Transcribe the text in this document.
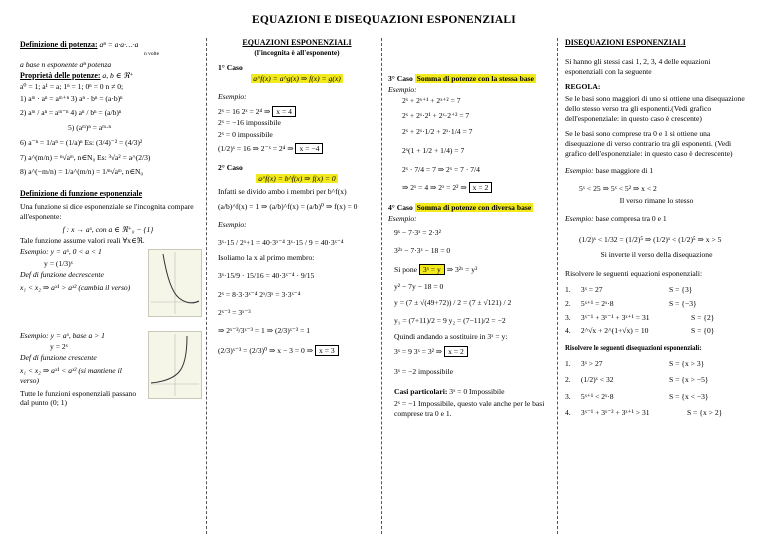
EQUAZIONI E DISEQUAZIONI ESPONENZIALI
Definizione di potenza: aⁿ = a·a·…·a
n volte
a base n esponente aⁿ potenza
Proprietà delle potenze: a, b ∈ ℜ⁺
a⁰ = 1; a¹ = a; 1ⁿ = 1; 0ⁿ = 0 n ≠ 0;
1) aᵐ · aⁿ = aᵐ⁺ⁿ 3) aⁿ · bⁿ = (a·b)ⁿ
2) aᵐ / aⁿ = aᵐ⁻ⁿ 4) aⁿ / bⁿ = (a/b)ⁿ
5) (aᵐ)ⁿ = aᵐ·ⁿ
6) a⁻ⁿ = 1/aⁿ = (1/a)ⁿ Es: (3/4)⁻² = (4/3)²
7) a^(m/n) = ⁿ√aᵐ, n∈N₀ Es: ³√a² = a^(2/3)
8) a^(−m/n) = 1/a^(m/n) = 1/ⁿ√aᵐ, n∈N₀
Definizione di funzione esponenziale
Una funzione si dice esponenziale se l'incognita compare all'esponente:
f : x → aˣ, con a ∈ ℜ⁺₀ − {1}
Tale funzione assume valori reali ∀x∈ℜ.
Esempio: y = aˣ, 0 < a < 1
y = (1/3)ˣ
Def di funzione decrescente
x₁ < x₂ ⇒ aˣ¹ > aˣ² (cambia il verso)
Esempio: y = aˣ, base a > 1
y = 2ˣ
Def di funzione crescente
x₁ < x₂ ⇒ aˣ¹ < aˣ² (si mantiene il verso)
Tutte le funzioni esponenziali passano dal punto (0; 1)
EQUAZIONI ESPONENZIALI
(l'incognita è all'esponente)
1° Caso
a^f(x) = a^g(x) ⇒ f(x) = g(x)
Esempio:
2ˣ = 16 2ˣ = 2⁴ ⇒ x = 4
2ˣ = −16 impossibile
2ˣ = 0 impossibile
(1/2)ˣ = 16 ⇒ 2⁻ˣ = 2⁴ ⇒ x = −4
2° Caso
a^f(x) = b^f(x) ⇒ f(x) = 0
Infatti se divido ambo i membri per b^f(x)
(a/b)^f(x) = 1 ⇒ (a/b)^f(x) = (a/b)⁰ ⇒ f(x) = 0
Esempio:
3ˣ·15 / 2ˣ+1 = 40·3ˣ⁻⁴ 3ˣ·15 / 9 = 40·3ˣ⁻⁴
Isoliamo la x al primo membro:
3ˣ·15/9 · 15/16 = 40·3ˣ⁻⁴ · 9/15
2ˣ = 8·3·3ˣ⁻⁴ 2ˣ/3ˣ = 3·3ˣ⁻⁴
2ˣ⁻³ = 3ˣ⁻³
⇒ 2ˣ⁻³/3ˣ⁻³ = 1 ⇒ (2/3)ˣ⁻³ = 1
(2/3)ˣ⁻³ = (2/3)⁰ ⇒ x − 3 = 0 ⇒ x = 3
3° Caso Somma di potenze con la stessa base
Esempio:
2ˣ + 2ˣ⁺¹ + 2ˣ⁺² = 7
2ˣ + 2ˣ·2¹ + 2ˣ·2⁺² = 7
2ˣ + 2ˣ·1/2 + 2ˣ·1/4 = 7
2ˣ(1 + 1/2 + 1/4) = 7
2ˣ · 7/4 = 7 ⇒ 2ˣ = 7 · 7/4
⇒ 2ˣ = 4 ⇒ 2ˣ = 2² ⇒ x = 2
4° Caso Somma di potenze con diversa base
Esempio:
9ˣ − 7·3ˣ = 2·3²
3²ˣ − 7·3ˣ − 18 = 0
Si pone 3ˣ = y ⇒ 3²ˣ = y²
y² − 7y − 18 = 0
y = (7 ± √(49+72)) / 2 = (7 ± √121) / 2
y₁ = (7+11)/2 = 9 y₂ = (7−11)/2 = −2
Quindi andando a sostituire in 3ˣ = y:
3ˣ = 9 3ˣ = 3² ⇒ x = 2
3ˣ = −2 impossibile
Casi particolari: 3ˣ = 0 Impossibile
2ˣ = −1 Impossibile, questo vale anche per le basi comprese tra 0 e 1.
DISEQUAZIONI ESPONENZIALI
Si hanno gli stessi casi 1, 2, 3, 4 delle equazioni esponenziali con la seguente
REGOLA:
Se le basi sono maggiori di uno si ottiene una disequazione dello stesso verso tra gli esponenti.(Vedi grafico dell'esponenziale: in questo caso è crescente)
Se le basi sono comprese tra 0 e 1 si ottiene una disequazione di verso contrario tra gli esponenti. (Vedi grafico dell'esponenziale: in questo caso è decrescente)
Esempio: base maggiore di 1
5ˣ < 25 ⇒ 5ˣ < 5² ⇒ x < 2
Il verso rimane lo stesso
Esempio: base compresa tra 0 e 1
(1/2)ˣ < 1/32 = (1/2)⁵ ⇒ (1/2)ˣ < (1/2)⁵ ⇒ x > 5
Si inverte il verso della disequazione
Risolvere le seguenti equazioni esponenziali:
1. 3ˣ = 27	S = {3}
2. 5ˣ⁺¹ = 2ˣ·8	S = {−3}
3. 3ˣ⁻¹ + 3ˣ⁻¹ + 3ˣ⁺¹ = 31	S = {2}
4. 2^√x + 2^(1+√x) = 10	S = {0}
Risolvere le seguenti disequazioni esponenziali:
1. 3ˣ > 27	S = {x > 3}
2. (1/2)ˣ < 32	S = {x > −5}
3. 5ˣ⁺¹ < 2ˣ·8	S = {x < −3}
4. 3ˣ⁻¹ + 3ˣ⁻² + 3ˣ⁺¹ > 31	S = {x > 2}
